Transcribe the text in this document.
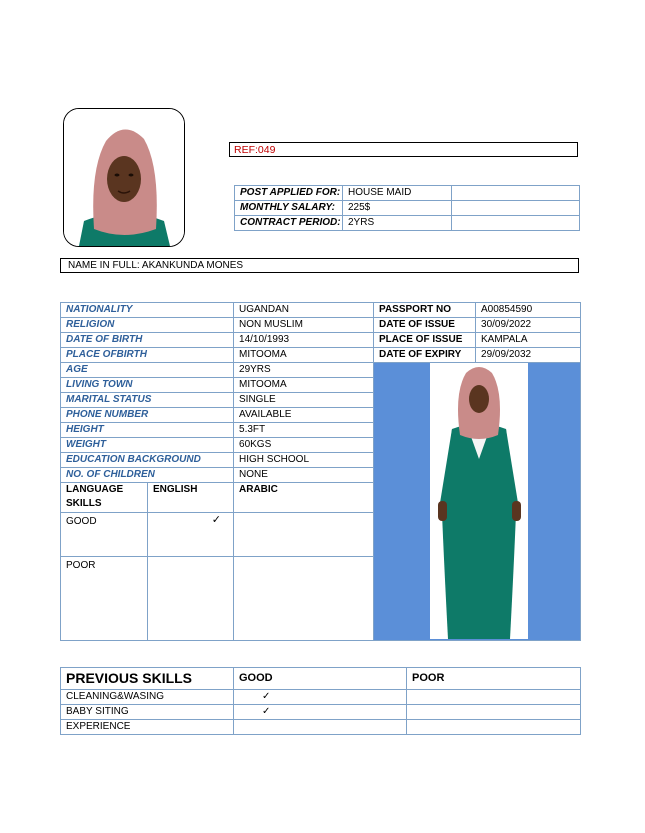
REF:049
POST APPLIED FOR:	HOUSE MAID	
MONTHLY SALARY:	225$	
CONTRACT PERIOD:	2YRS	
NAME IN FULL: AKANKUNDA MONES
NATIONALITY		UGANDAN	PASSPORT NO	A00854590
RELIGION		NON MUSLIM	DATE OF ISSUE	30/09/2022
DATE OF BIRTH		14/10/1993	PLACE OF ISSUE	KAMPALA
PLACE OFBIRTH		MITOOMA	DATE OF EXPIRY	29/09/2032
AGE		29YRS	

LIVING TOWN		MITOOMA		
MARITAL STATUS		SINGLE		
PHONE NUMBER		AVAILABLE		
HEIGHT		5.3FT		
WEIGHT		60KGS		
EDUCATION BACKGROUND		HIGH SCHOOL		
NO. OF CHILDREN		NONE		
LANGUAGE SKILLS	ENGLISH	ARABIC		
GOOD	✓			

POOR				
PREVIOUS SKILLS	GOOD	POOR
CLEANING&WASING	✓	
BABY SITING	✓	
EXPERIENCE		
